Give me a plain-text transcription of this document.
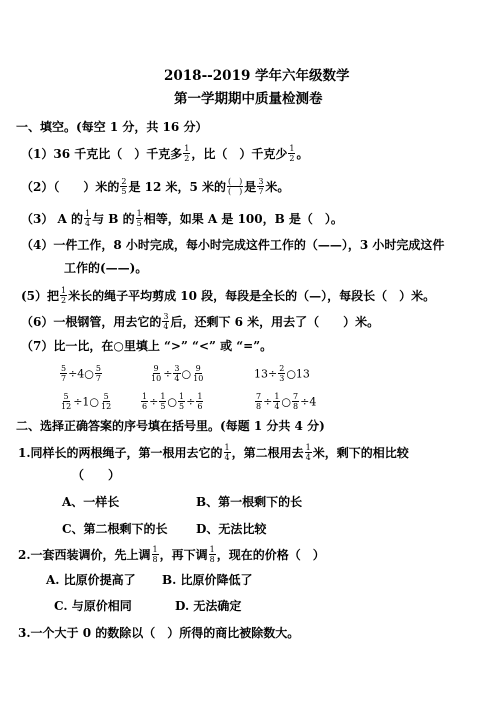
2018--2019 学年六年级数学
第一学期期中质量检测卷
一、填空。(每空 1 分，共 16 分）
（1）36 千克比（　）千克多 $\frac{1}{2}$ ，比（　）千克少 $\frac{1}{2}$ 。
（2）（　　）米的 $\frac{2}{5}$ 是 12 米，5 米的 (　)
(　) 是 $\frac{3}{7}$ 米。
（3） A 的 $\frac{1}{4}$ 与 B 的 $\frac{1}{5}$ 相等，如果 A 是 100，B 是（　）。
（4）一件工作，8 小时完成，每小时完成这件工作的（——），3 小时完成这件
工作的(——)。
(5）把 $\frac{1}{2}$ 米长的绳子平均剪成 10 段，每段是全长的（—），每段长（　）米。
（6）一根钢管，用去它的 $\frac{3}{4}$ 后，还剩下 6 米，用去了（　　）米。
（7）比一比，在○里填上 “>” “<” 或 “=”。
$\frac{5}{7}$ ÷4○ $\frac{5}{7}$	$\frac{9}{10} \div \frac{3}{4}$ ○ $\frac{9}{10}$	$13\div \frac{2}{3}$ ○13
$\frac{5}{12}$ ÷1○ $\frac{5}{12}$	$\frac{1}{6} \div \frac{1}{5}$ ○ $\frac{1}{5} \div \frac{1}{6}$	$\frac{7}{8} \div \frac{1}{4}$ ○ $\frac{7}{8} \div 4$
二、选择正确答案的序号填在括号里。(每题 1 分共 4 分)
1.同样长的两根绳子，第一根用去它的 $\frac{1}{4}$ ，第二根用去 $\frac{1}{4}$ 米，剩下的相比较
（　　）
A、一样长	B、第一根剩下的长
C、第二根剩下的长 D、无法比较
2.一套西装调价，先上调 $\frac{1}{8}$ ，再下调 $\frac{1}{8}$ ，现在的价格（　）
A. 比原价提高了 B. 比原价降低了
C. 与原价相同	D. 无法确定
3.一个大于 0 的数除以（　）所得的商比被除数大。
